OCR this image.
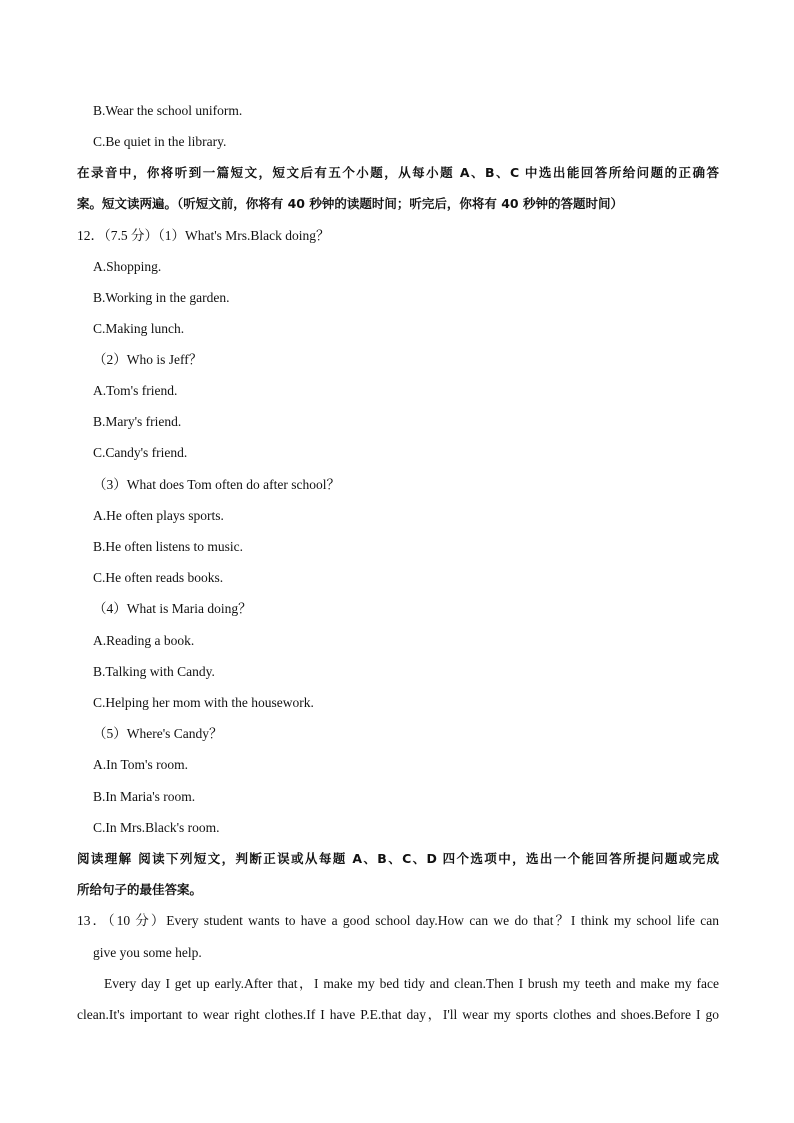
B.Wear the school uniform.
C.Be quiet in the library.
在录音中，你将听到一篇短文，短文后有五个小题，从每小题 A、B、C 中选出能回答所给问题的正确答
案。短文读两遍。（听短文前，你将有 40 秒钟的读题时间；听完后，你将有 40 秒钟的答题时间）
12．（7.5 分）（1）What's Mrs.Black doing？
A.Shopping.
B.Working in the garden.
C.Making lunch.
（2）Who is Jeff？
A.Tom's friend.
B.Mary's friend.
C.Candy's friend.
（3）What does Tom often do after school？
A.He often plays sports.
B.He often listens to music.
C.He often reads books.
（4）What is Maria doing？
A.Reading a book.
B.Talking with Candy.
C.Helping her mom with the housework.
（5）Where's Candy？
A.In Tom's room.
B.In Maria's room.
C.In Mrs.Black's room.
阅读理解 阅读下列短文，判断正误或从每题 A、B、C、D 四个选项中，选出一个能回答所提问题或完成
所给句子的最佳答案。
13．（10 分）Every student wants to have a good school day.How can we do that？I think my school life can
give you some help.
Every day I get up early.After that，I make my bed tidy and clean.Then I brush my teeth and make my face
clean.It's important to wear right clothes.If I have P.E.that day，I'll wear my sports clothes and shoes.Before I go
